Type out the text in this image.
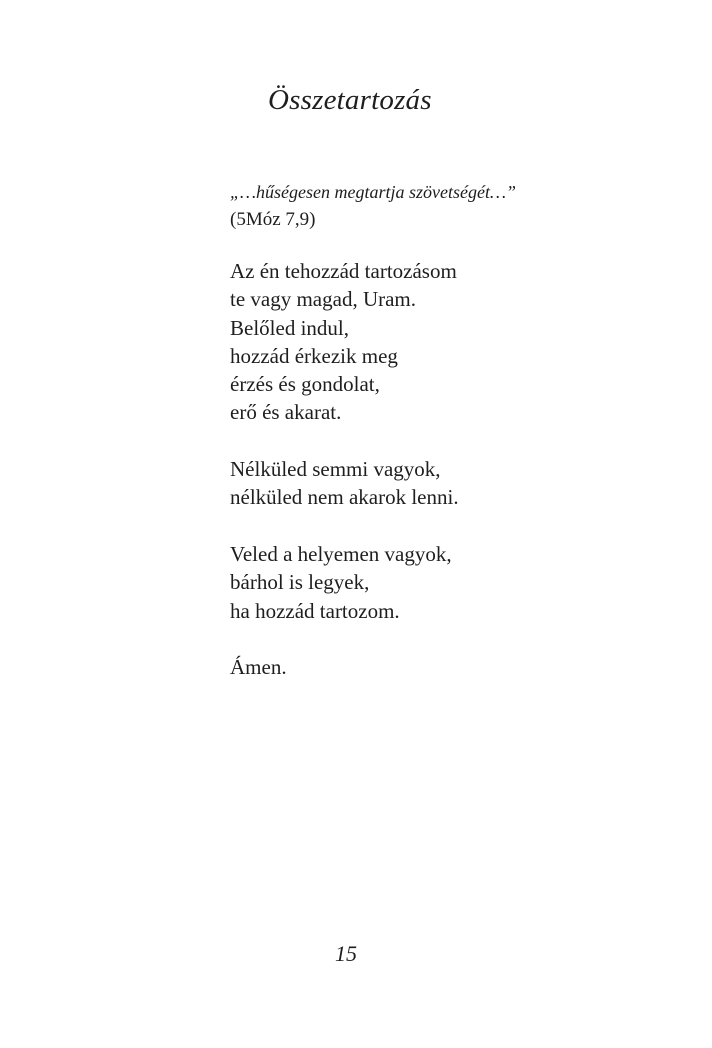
Összetartozás
„…hűségesen megtartja szövetségét…”
(5Móz 7,9)
Az én tehozzád tartozásom
te vagy magad, Uram.
Belőled indul,
hozzád érkezik meg
érzés és gondolat,
erő és akarat.
Nélküled semmi vagyok,
nélküled nem akarok lenni.
Veled a helyemen vagyok,
bárhol is legyek,
ha hozzád tartozom.
Ámen.
15
